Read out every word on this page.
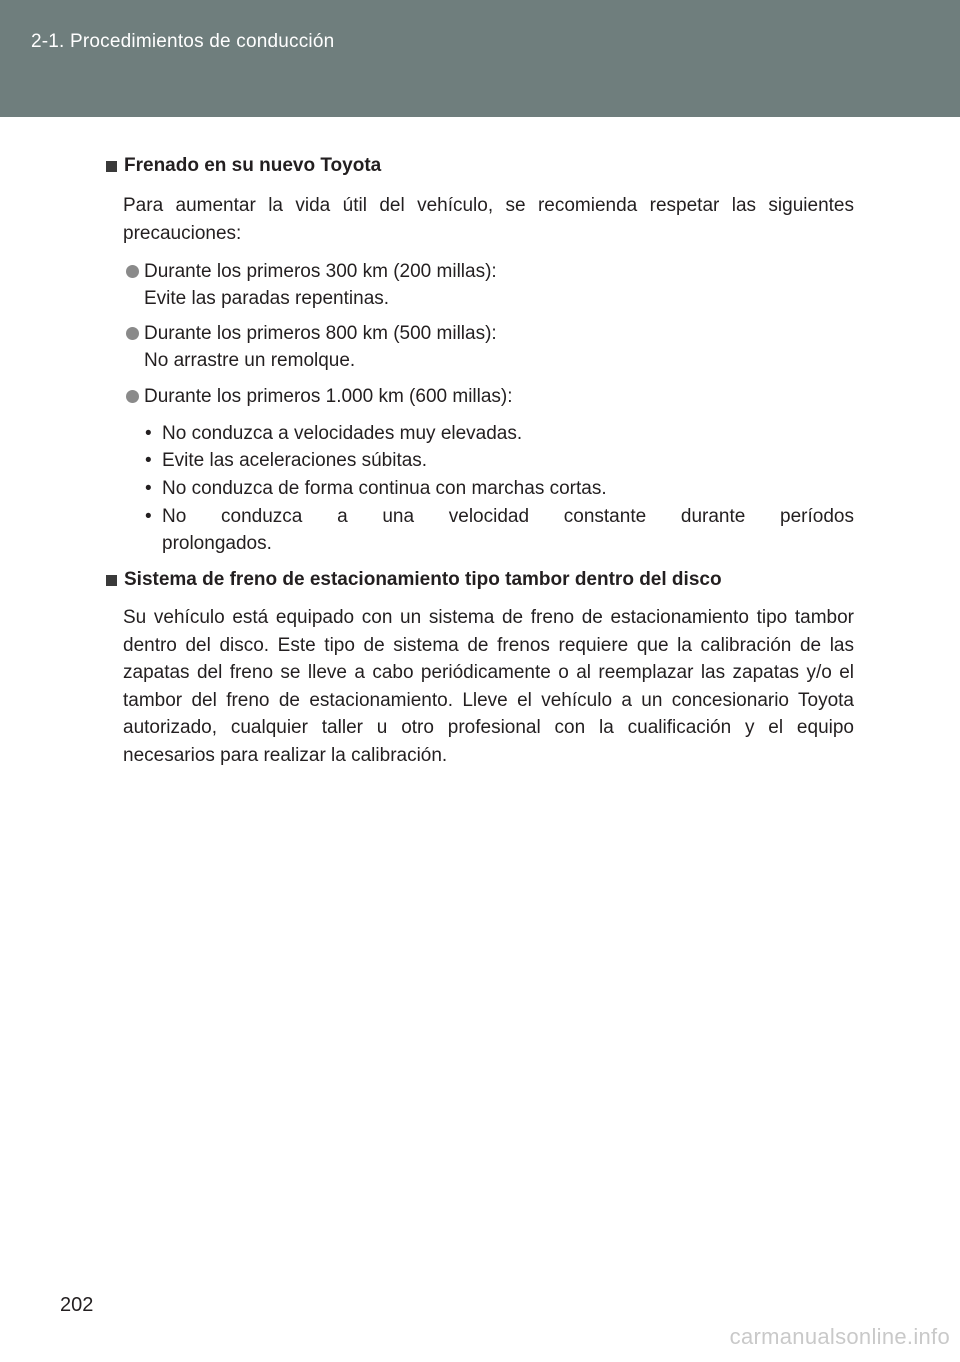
2-1. Procedimientos de conducción
Frenado en su nuevo Toyota
Para aumentar la vida útil del vehículo, se recomienda respetar las siguientes precauciones:
Durante los primeros 300 km (200 millas):
Evite las paradas repentinas.
Durante los primeros 800 km (500 millas):
No arrastre un remolque.
Durante los primeros 1.000 km (600 millas):
• No conduzca a velocidades muy elevadas.
• Evite las aceleraciones súbitas.
• No conduzca de forma continua con marchas cortas.
• No conduzca a una velocidad constante durante períodos
prolongados.
Sistema de freno de estacionamiento tipo tambor dentro del disco
Su vehículo está equipado con un sistema de freno de estacionamiento tipo tambor dentro del disco. Este tipo de sistema de frenos requiere que la calibración de las zapatas del freno se lleve a cabo periódicamente o al reemplazar las zapatas y/o el tambor del freno de estacionamiento. Lleve el vehículo a un concesionario Toyota autorizado, cualquier taller u otro profesional con la cualificación y el equipo necesarios para realizar la calibración.
202
carmanualsonline.info
